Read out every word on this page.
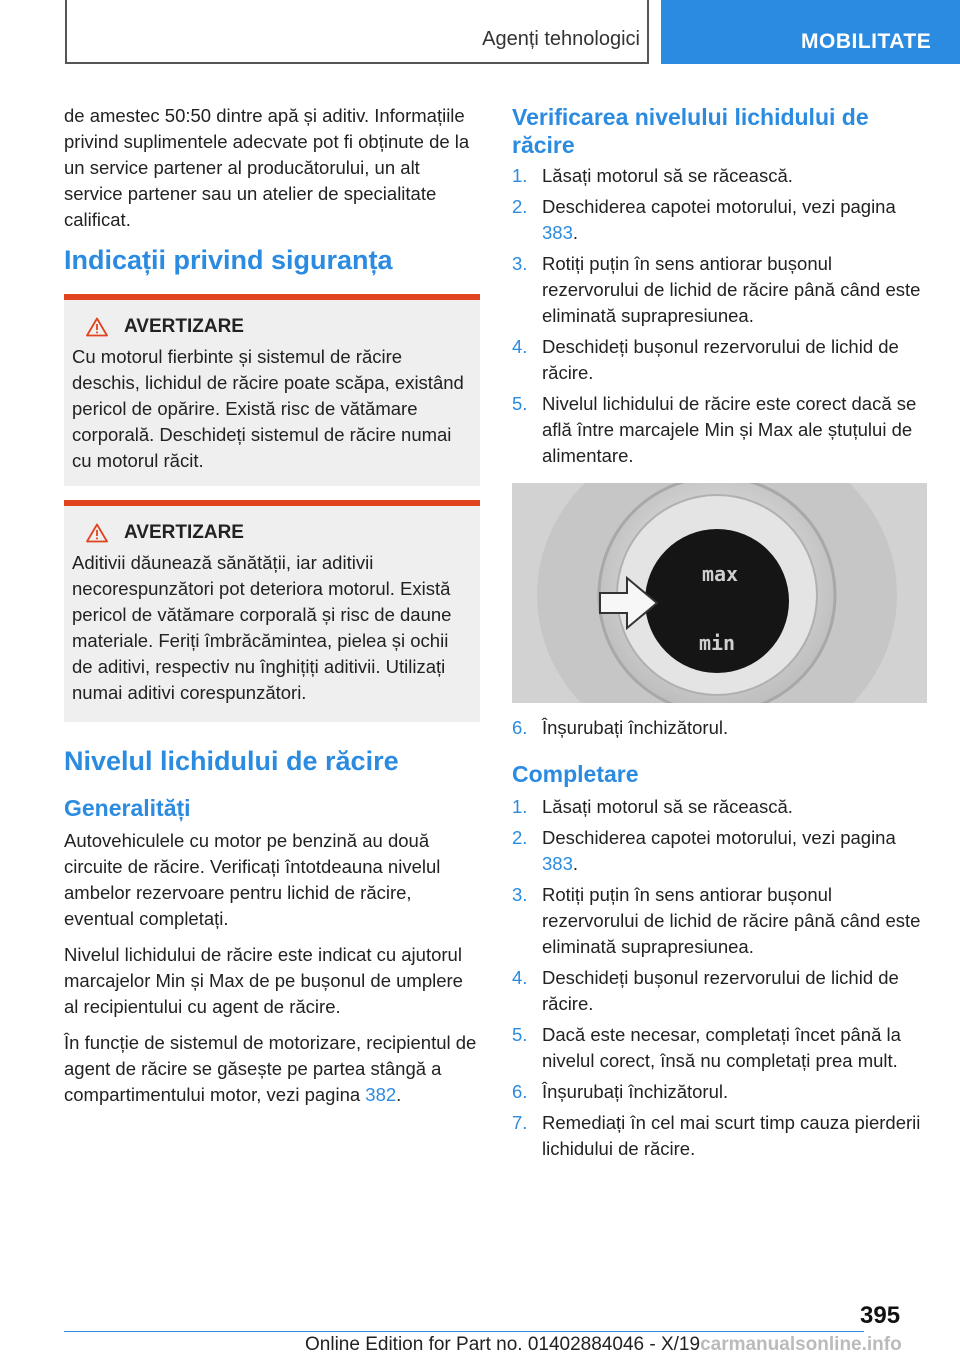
Agenți tehnologici	MOBILITATE

de amestec 50:50 dintre apă și aditiv. Informațiile privind suplimentele adecvate pot fi obținute de la un service partener al producătorului, un alt service partener sau un atelier de specialitate calificat.

Indicații privind siguranța
AVERTIZARE

Cu motorul fierbinte și sistemul de răcire deschis, lichidul de răcire poate scăpa, existând pericol de opărire. Există risc de vătămare corporală. Deschideți sistemul de răcire numai cu motorul răcit.

AVERTIZARE

Aditivii dăunează sănătății, iar aditivii necorespunzători pot deteriora motorul. Există pericol de vătămare corporală și risc de daune materiale. Feriți îmbrăcămintea, pielea și ochii de aditivi, respectiv nu înghițiți aditivii. Utilizați numai aditivi corespunzători.

Nivelul lichidului de răcire
Generalități

Autovehiculele cu motor pe benzină au două circuite de răcire. Verificați întotdeauna nivelul ambelor rezervoare pentru lichid de răcire, eventual completați.

Nivelul lichidului de răcire este indicat cu ajutorul marcajelor Min și Max de pe bușonul de umplere al recipientului cu agent de răcire.

În funcție de sistemul de motorizare, recipientul de agent de răcire se găsește pe partea stângă a compartimentului motor, vezi pagina 382.

Verificarea nivelului lichidului de răcire
1. Lăsați motorul să se răcească.
2. Deschiderea capotei motorului, vezi pagina 383.
3. Rotiți puțin în sens antiorar bușonul rezervorului de lichid de răcire până când este eliminată suprapresiunea.
4. Deschideți bușonul rezervorului de lichid de răcire.
5. Nivelul lichidului de răcire este corect dacă se află între marcajele Min și Max ale ștuțului de alimentare.
max
min
6. Înșurubați închizătorul.
Completare
1. Lăsați motorul să se răcească.
2. Deschiderea capotei motorului, vezi pagina 383.
3. Rotiți puțin în sens antiorar bușonul rezervorului de lichid de răcire până când este eliminată suprapresiunea.
4. Deschideți bușonul rezervorului de lichid de răcire.
5. Dacă este necesar, completați încet până la nivelul corect, însă nu completați prea mult.
6. Înșurubați închizătorul.
7. Remediați în cel mai scurt timp cauza pierderii lichidului de răcire.
395
Online Edition for Part no. 01402884046 - X/19carmanualsonline.info
